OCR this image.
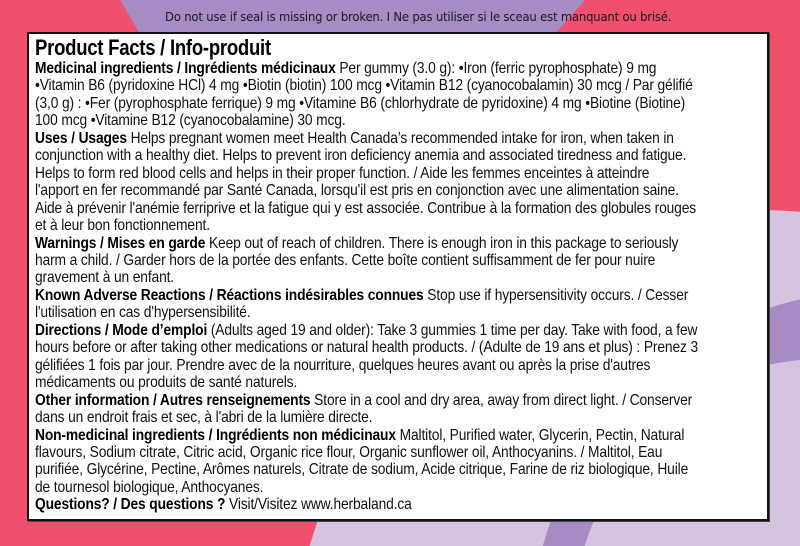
Do not use if seal is missing or broken. I Ne pas utiliser si le sceau est manquant ou brisé.
Product Facts / Info-produit
Medicinal ingredients / Ingrédients médicinaux Per gummy (3.0 g): •Iron (ferric pyrophosphate) 9 mg
•Vitamin B6 (pyridoxine HCl) 4 mg •Biotin (biotin) 100 mcg •Vitamin B12 (cyanocobalamin) 30 mcg / Par gélifié
(3,0 g) : •Fer (pyrophosphate ferrique) 9 mg •Vitamine B6 (chlorhydrate de pyridoxine) 4 mg •Biotine (Biotine)
100 mcg •Vitamine B12 (cyanocobalamine) 30 mcg.
Uses / Usages Helps pregnant women meet Health Canada’s recommended intake for iron, when taken in
conjunction with a healthy diet. Helps to prevent iron deficiency anemia and associated tiredness and fatigue.
Helps to form red blood cells and helps in their proper function. / Aide les femmes enceintes à atteindre
l'apport en fer recommandé par Santé Canada, lorsqu'il est pris en conjonction avec une alimentation saine.
Aide à prévenir l'anémie ferriprive et la fatigue qui y est associée. Contribue à la formation des globules rouges
et à leur bon fonctionnement.
Warnings / Mises en garde Keep out of reach of children. There is enough iron in this package to seriously
harm a child. / Garder hors de la portée des enfants. Cette boîte contient suffisamment de fer pour nuire
gravement à un enfant.
Known Adverse Reactions / Réactions indésirables connues Stop use if hypersensitivity occurs. / Cesser
l'utilisation en cas d'hypersensibilité.
Directions / Mode d’emploi (Adults aged 19 and older): Take 3 gummies 1 time per day. Take with food, a few
hours before or after taking other medications or natural health products. / (Adulte de 19 ans et plus) : Prenez 3
gélifiées 1 fois par jour. Prendre avec de la nourriture, quelques heures avant ou après la prise d'autres
médicaments ou produits de santé naturels.
Other information / Autres renseignements Store in a cool and dry area, away from direct light. / Conserver
dans un endroit frais et sec, à l'abri de la lumière directe.
Non-medicinal ingredients / Ingrédients non médicinaux Maltitol, Purified water, Glycerin, Pectin, Natural
flavours, Sodium citrate, Citric acid, Organic rice flour, Organic sunflower oil, Anthocyanins. / Maltitol, Eau
purifiée, Glycérine, Pectine, Arômes naturels, Citrate de sodium, Acide citrique, Farine de riz biologique, Huile
de tournesol biologique, Anthocyanes.
Questions? / Des questions ? Visit/Visitez www.herbaland.ca
